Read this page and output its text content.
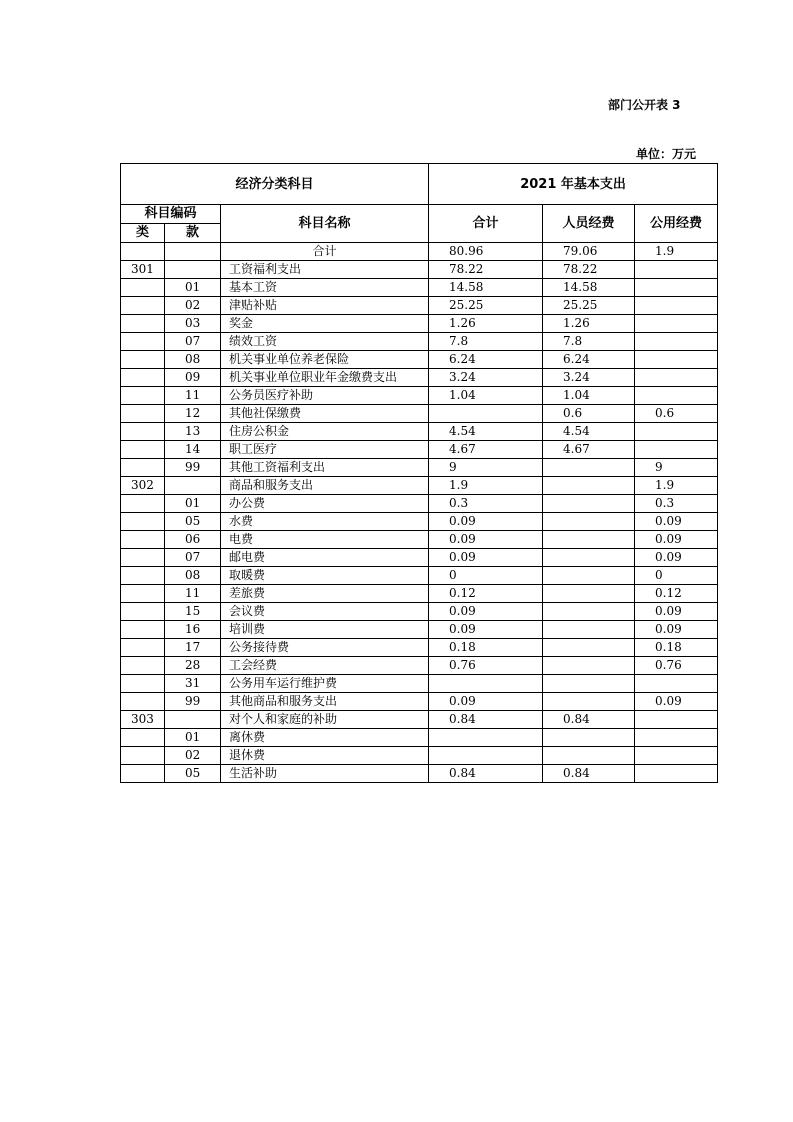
部门公开表 3
单位：万元
经济分类科目			2021 年基本支出		
科目编码		科目名称	合计	人员经费	公用经费
类	款				
		合计	80.96	79.06	1.9
301		工资福利支出	78.22	78.22	
	01	基本工资	14.58	14.58	
	02	津贴补贴	25.25	25.25	
	03	奖金	1.26	1.26	
	07	绩效工资	7.8	7.8	
	08	机关事业单位养老保险	6.24	6.24	
	09	机关事业单位职业年金缴费支出	3.24	3.24	
	11	公务员医疗补助	1.04	1.04	
	12	其他社保缴费		0.6	0.6
	13	住房公积金	4.54	4.54	
	14	职工医疗	4.67	4.67	
	99	其他工资福利支出	9		9
302		商品和服务支出	1.9		1.9
	01	办公费	0.3		0.3
	05	水费	0.09		0.09
	06	电费	0.09		0.09
	07	邮电费	0.09		0.09
	08	取暖费	0		0
	11	差旅费	0.12		0.12
	15	会议费	0.09		0.09
	16	培训费	0.09		0.09
	17	公务接待费	0.18		0.18
	28	工会经费	0.76		0.76
	31	公务用车运行维护费			
	99	其他商品和服务支出	0.09		0.09
303		对个人和家庭的补助	0.84	0.84	
	01	离休费			
	02	退休费			
	05	生活补助	0.84	0.84	
